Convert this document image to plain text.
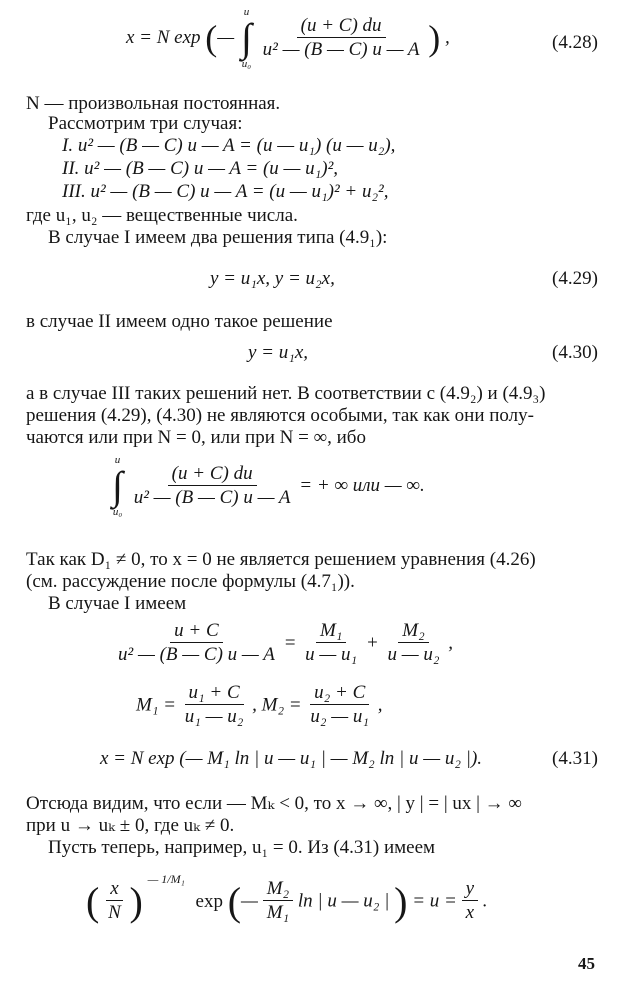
x = N exp (—
u
∫
u₀

$\frac{(u + C) du}{\text{u² — (B — C) u — A}}$ ) ,	(4.28)
N — произвольная постоянная.
Рассмотрим три случая:
I. u² — (B — C) u — A = (u — u₁) (u — u₂),
II. u² — (B — C) u — A = (u — u₁)²,
III. u² — (B — C) u — A = (u — u₁)² + u₂²,
где u₁, u₂ — вещественные числа.
В случае I имеем два решения типа (4.9₁):
y = u₁x, y = u₂x,	(4.29)
в случае II имеем одно такое решение
y = u₁x,	(4.30)
а в случае III таких решений нет. В соответствии с (4.9₂) и (4.9₃)
решения (4.29), (4.30) не являются особыми, так как они полу-
чаются или при N = 0, или при N = ∞, ибо
u
∫
u₀

$\frac{(u + C) du}{\text{u² — (B — C) u — A}}$ = + ∞ или — ∞.
Так как D₁ ≠ 0, то x = 0 не является решением уравнения (4.26)
(см. рассуждение после формулы (4.7₁)).
В случае I имеем
$\frac{u + C}{\text{u² — (B — C) u — A}} = \frac{\text{M₁}}{\text{u — u₁}} + \frac{\text{M₂}}{\text{u — u₂}}$ ,
$M_1 = \frac{\text{u₁ + C}}{\text{u₁ — u₂}}$ , $M_2 = \frac{\text{u₂ + C}}{\text{u₂ — u₁}}$ ,
x = N exp (— M₁ ln | u — u₁ | — M₂ ln | u — u₂ |).	(4.31)
Отсюда видим, что если — Mₖ < 0, то x → ∞, | y | = | ux | → ∞
при u → uₖ ± 0, где uₖ ≠ 0.
Пусть теперь, например, u₁ = 0. Из (4.31) имеем
( $\frac{x}{N}$ ) $^{— 1/M_1}$ exp (— $\frac{\text{M₂}}{\text{M₁}}$ ln | u — u₂ | ) = $u = \frac{y}{x}$ .
45
